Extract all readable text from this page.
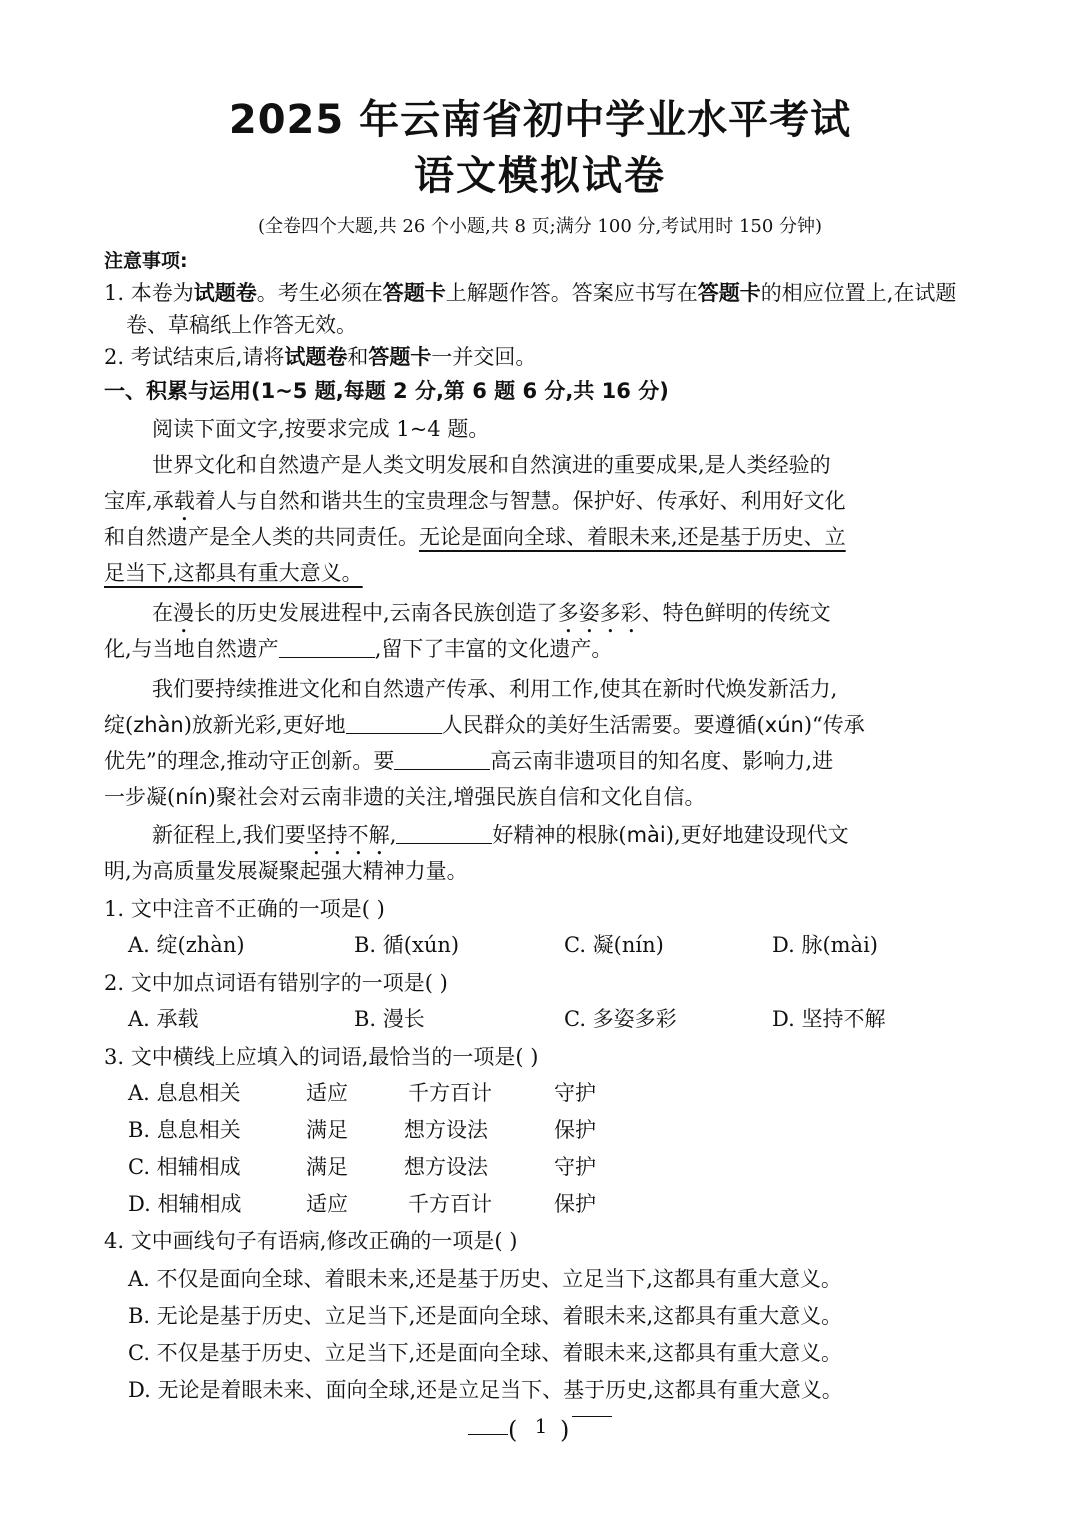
2025 年云南省初中学业水平考试
语文模拟试卷
(全卷四个大题,共 26 个小题,共 8 页;满分 100 分,考试用时 150 分钟)
注意事项:
1. 本卷为试题卷。考生必须在答题卡上解题作答。答案应书写在答题卡的相应位置上,在试题
卷、草稿纸上作答无效。
2. 考试结束后,请将试题卷和答题卡一并交回。
一、积累与运用(1~5 题,每题 2 分,第 6 题 6 分,共 16 分)
阅读下面文字,按要求完成 1~4 题。
世界文化和自然遗产是人类文明发展和自然演进的重要成果,是人类经验的
宝库,承载着人与自然和谐共生的宝贵理念与智慧。保护好、传承好、利用好文化
和自然遗产是全人类的共同责任。无论是面向全球、着眼未来,还是基于历史、立
足当下,这都具有重大意义。
在漫长的历史发展进程中,云南各民族创造了多姿多彩、特色鲜明的传统文
化,与当地自然遗产	,留下了丰富的文化遗产。
我们要持续推进文化和自然遗产传承、利用工作,使其在新时代焕发新活力,
绽(zhàn)放新光彩,更好地	人民群众的美好生活需要。要遵循(xún)“传承
优先”的理念,推动守正创新。要	高云南非遗项目的知名度、影响力,进
一步凝(nín)聚社会对云南非遗的关注,增强民族自信和文化自信。
新征程上,我们要坚持不解,	好精神的根脉(mài),更好地建设现代文
明,为高质量发展凝聚起强大精神力量。
1. 文中注音不正确的一项是( )
A. 绽(zhàn)	B. 循(xún)	C. 凝(nín)	D. 脉(mài)
2. 文中加点词语有错别字的一项是( )
A. 承载	B. 漫长	C. 多姿多彩	D. 坚持不解
3. 文中横线上应填入的词语,最恰当的一项是( )
A. 息息相关	适应	千方百计	守护
B. 息息相关	满足	想方设法	保护
C. 相辅相成	满足	想方设法	守护
D. 相辅相成	适应	千方百计	保护
4. 文中画线句子有语病,修改正确的一项是( )
A. 不仅是面向全球、着眼未来,还是基于历史、立足当下,这都具有重大意义。
B. 无论是基于历史、立足当下,还是面向全球、着眼未来,这都具有重大意义。
C. 不仅是基于历史、立足当下,还是面向全球、着眼未来,这都具有重大意义。
D. 无论是着眼未来、面向全球,还是立足当下、基于历史,这都具有重大意义。
( 1 )
